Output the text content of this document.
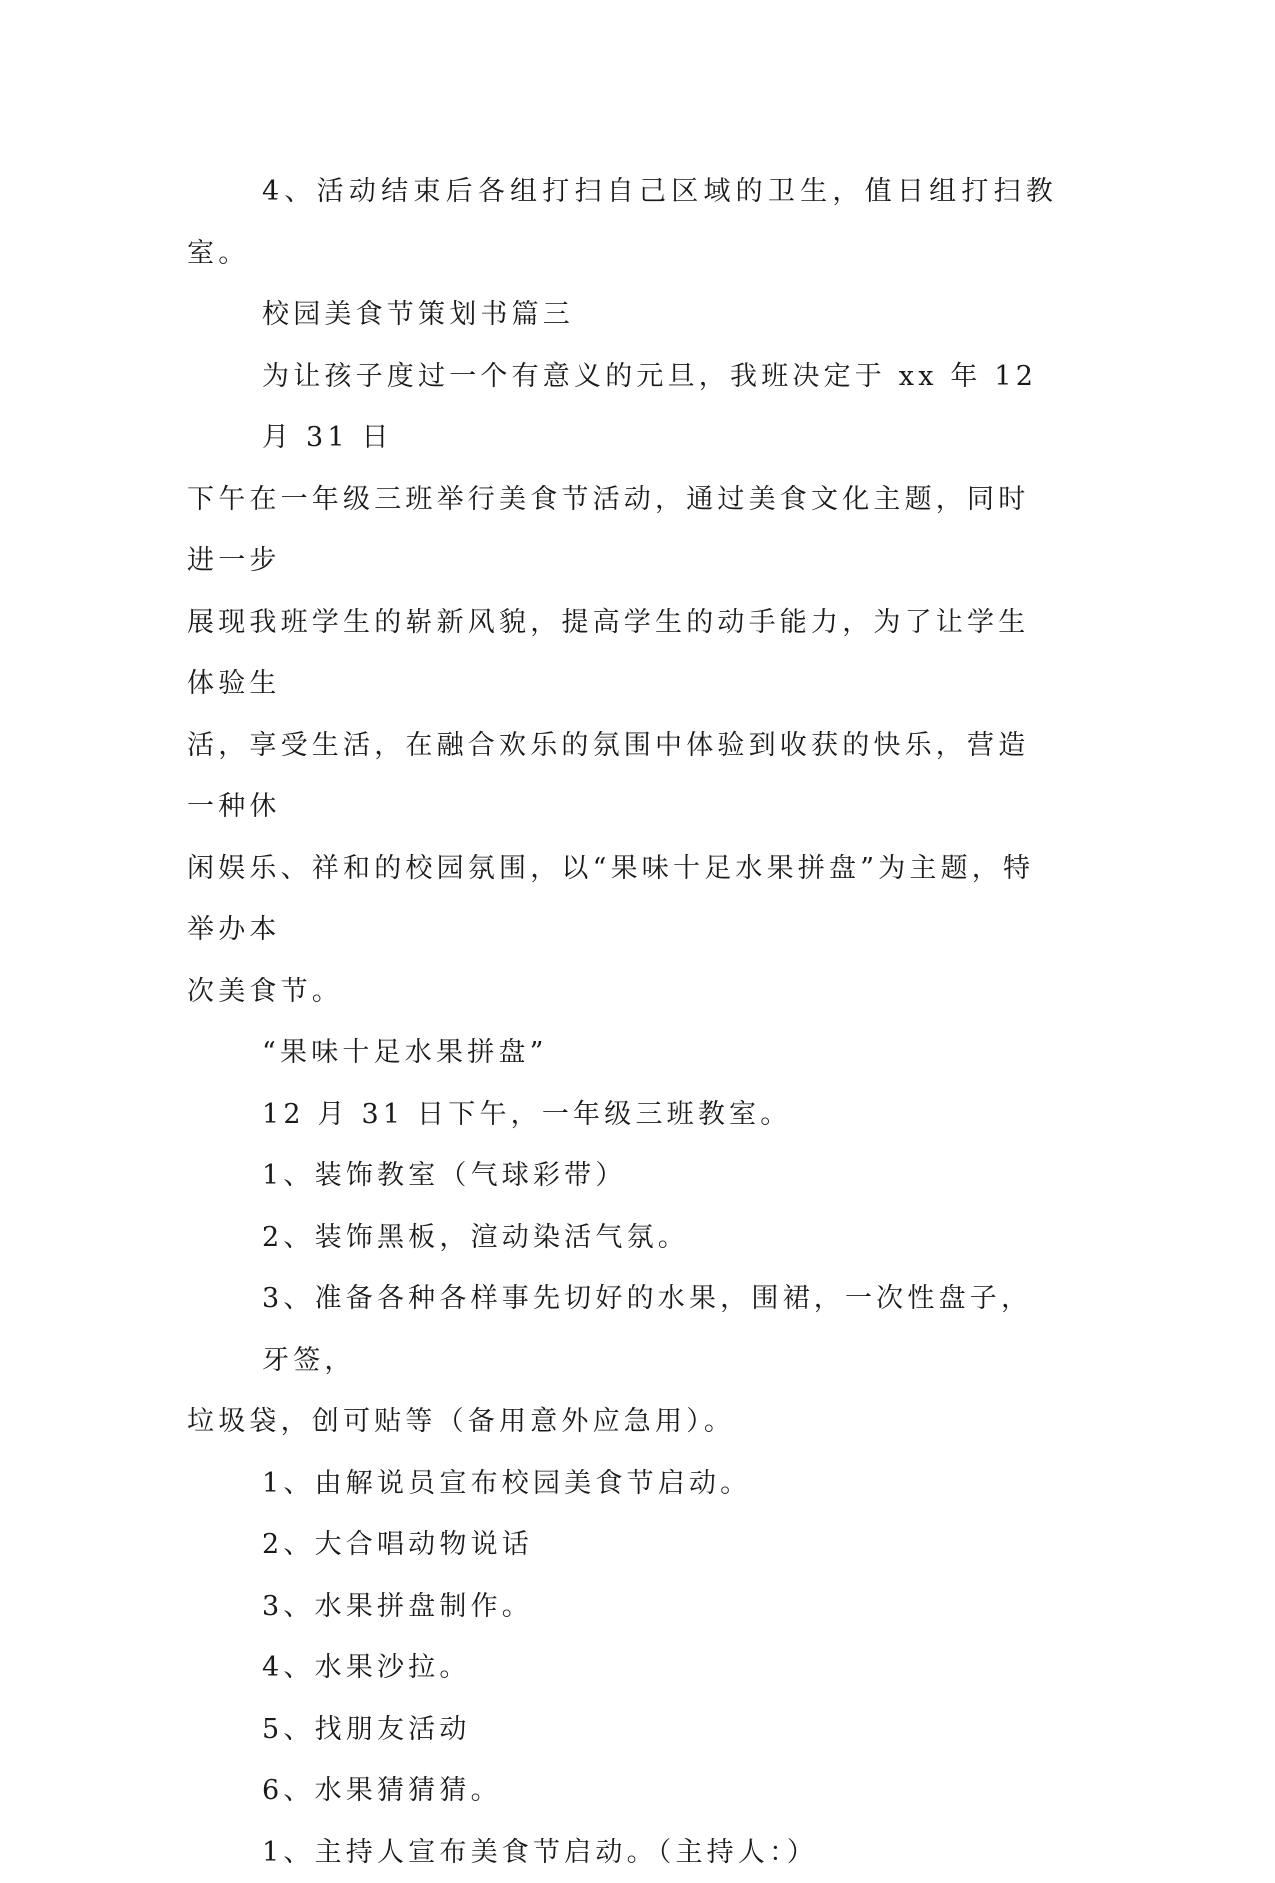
4、活动结束后各组打扫自己区域的卫生，值日组打扫教室。

校园美食节策划书篇三

为让孩子度过一个有意义的元旦，我班决定于 xx 年 12 月 31 日
下午在一年级三班举行美食节活动，通过美食文化主题，同时进一步
展现我班学生的崭新风貌，提高学生的动手能力，为了让学生体验生
活，享受生活，在融合欢乐的氛围中体验到收获的快乐，营造一种休
闲娱乐、祥和的校园氛围，以“果味十足水果拼盘”为主题，特举办本
次美食节。

“果味十足水果拼盘”

12 月 31 日下午，一年级三班教室。

1、装饰教室（气球彩带）

2、装饰黑板，渲动染活气氛。

3、准备各种各样事先切好的水果，围裙，一次性盘子，牙签，
垃圾袋，创可贴等（备用意外应急用）。

1、由解说员宣布校园美食节启动。

2、大合唱动物说话

3、水果拼盘制作。

4、水果沙拉。

5、找朋友活动

6、水果猜猜猜。

1、主持人宣布美食节启动。（主持人：）
